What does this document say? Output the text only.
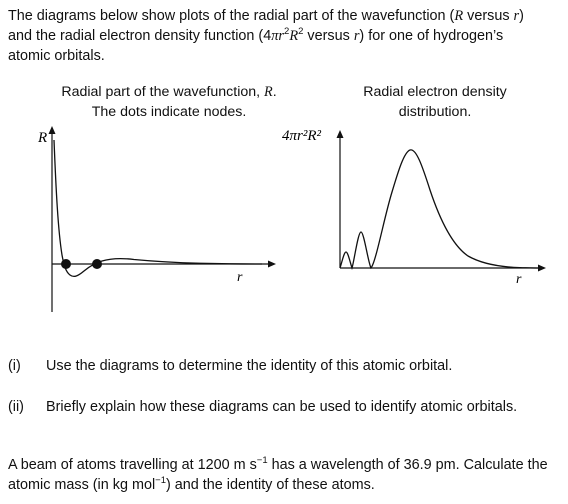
The diagrams below show plots of the radial part of the wavefunction (R versus r)
and the radial electron density function ($4\pi r^2R^2$ versus r) for one of hydrogen’s
atomic orbitals.

Radial part of the wavefunction, R.
The dots indicate nodes.
Radial electron density
distribution.
R
r
4πr²R²
r
(i) Use the diagrams to determine the identity of this atomic orbital.
(ii) Briefly explain how these diagrams can be used to identify atomic orbitals.

A beam of atoms travelling at 1200 m $s^{-1}$ has a wavelength of 36.9 pm. Calculate the
atomic mass (in kg mol$^{-1}$) and the identity of these atoms.
